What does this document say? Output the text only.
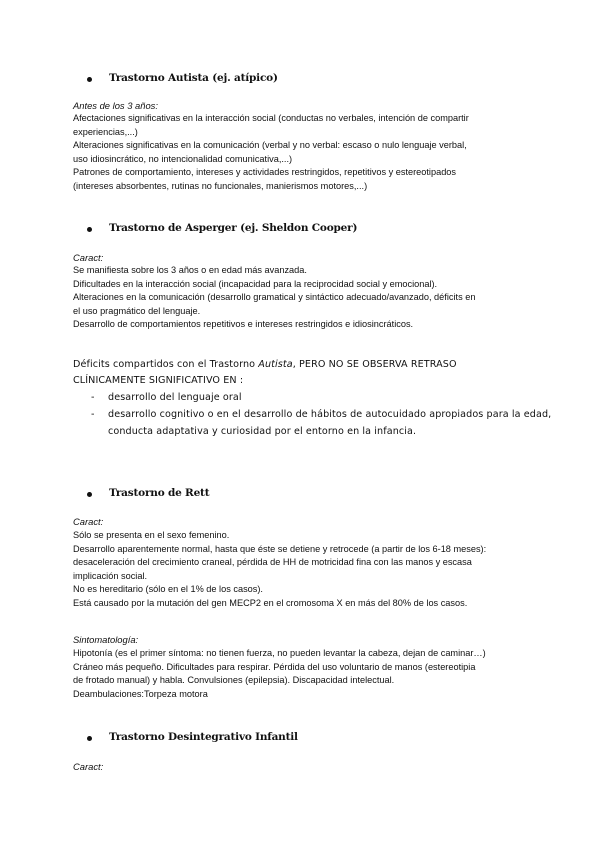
Trastorno Autista (ej. atípico)
Antes de los 3 años:
Afectaciones significativas en la interacción social (conductas no verbales, intención de compartir
experiencias,...)
Alteraciones significativas en la comunicación (verbal y no verbal: escaso o nulo lenguaje verbal,
uso idiosincrático, no intencionalidad comunicativa,...)
Patrones de comportamiento, intereses y actividades restringidos, repetitivos y estereotipados
(intereses absorbentes, rutinas no funcionales, manierismos motores,...)
Trastorno de Asperger (ej. Sheldon Cooper)
Caract:
Se manifiesta sobre los 3 años o en edad más avanzada.
Dificultades en la interacción social (incapacidad para la reciprocidad social y emocional).
Alteraciones en la comunicación (desarrollo gramatical y sintáctico adecuado/avanzado, déficits en
el uso pragmático del lenguaje.
Desarrollo de comportamientos repetitivos e intereses restringidos e idiosincráticos.
Déficits compartidos con el Trastorno Autista, PERO NO SE OBSERVA RETRASO
CLÍNICAMENTE SIGNIFICATIVO EN :
- desarrollo del lenguaje oral
- desarrollo cognitivo o en el desarrollo de hábitos de autocuidado apropiados para la edad,
conducta adaptativa y curiosidad por el entorno en la infancia.
Trastorno de Rett
Caract:
Sólo se presenta en el sexo femenino.
Desarrollo aparentemente normal, hasta que éste se detiene y retrocede (a partir de los 6-18 meses):
desaceleración del crecimiento craneal, pérdida de HH de motricidad fina con las manos y escasa
implicación social.
No es hereditario (sólo en el 1% de los casos).
Está causado por la mutación del gen MECP2 en el cromosoma X en más del 80% de los casos.
Sintomatología:
Hipotonía (es el primer síntoma: no tienen fuerza, no pueden levantar la cabeza, dejan de caminar…)
Cráneo más pequeño. Dificultades para respirar. Pérdida del uso voluntario de manos (estereotipia
de frotado manual) y habla. Convulsiones (epilepsia). Discapacidad intelectual.
Deambulaciones:Torpeza motora
Trastorno Desintegrativo Infantil
Caract:
